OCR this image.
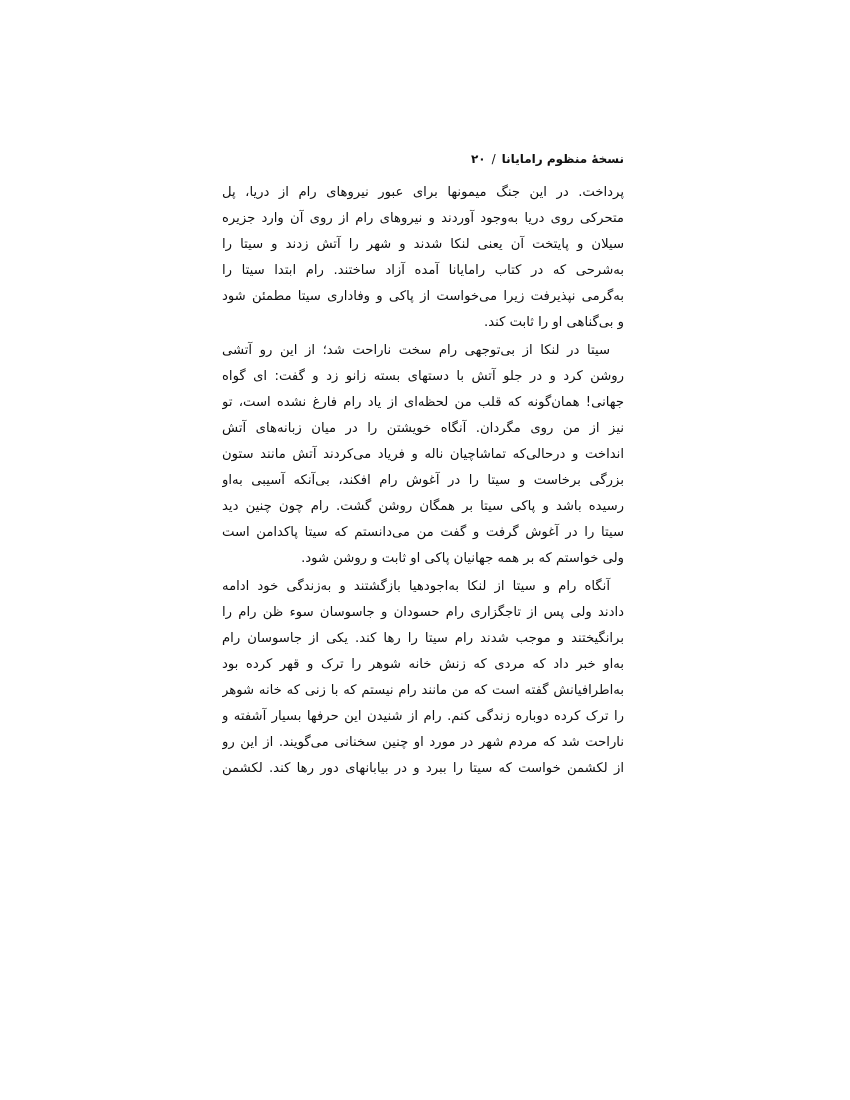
نسخهٔ منظوم رامایانا/۲۰

پرداخت. در این جنگ میمونها برای عبور نیروهای رام از دریا، پل
متحرکی روی دریا به‌وجود آوردند و نیروهای رام از روی آن وارد جزیره
سیلان و پایتخت آن یعنی لنکا شدند و شهر را آتش زدند و سیتا را
به‌شرحی که در کتاب رامایانا آمده آزاد ساختند. رام ابتدا سیتا را
به‌گرمی نپذیرفت زیرا می‌خواست از پاکی و وفاداری سیتا مطمئن شود
و بی‌گناهی او را ثابت کند.

سیتا در لنکا از بی‌توجهی رام سخت ناراحت شد؛ از این رو آتشی
روشن کرد و در جلو آتش با دستهای بسته زانو زد و گفت: ای گواه
جهانی! همان‌گونه که قلب من لحظه‌ای از یاد رام فارغ نشده است، تو
نیز از من روی مگردان. آنگاه خویشتن را در میان زبانه‌های آتش
انداخت و درحالی‌که تماشاچیان ناله و فریاد می‌کردند آتش مانند ستون
بزرگی برخاست و سیتا را در آغوش رام افکند، بی‌آنکه آسیبی به‌او
رسیده باشد و پاکی سیتا بر همگان روشن گشت. رام چون چنین دید
سیتا را در آغوش گرفت و گفت من می‌دانستم که سیتا پاکدامن است
ولی خواستم که بر همه جهانیان پاکی او ثابت و روشن شود.

آنگاه رام و سیتا از لنکا به‌اجودهیا بازگشتند و به‌زندگی خود ادامه
دادند ولی پس از تاجگزاری رام حسودان و جاسوسان سوء ظن رام را
برانگیختند و موجب شدند رام سیتا را رها کند. یکی از جاسوسان رام
به‌او خبر داد که مردی که زنش خانه شوهر را ترک و قهر کرده بود
به‌اطرافیانش گفته است که من مانند رام نیستم که با زنی که خانه شوهر
را ترک کرده دوباره زندگی کنم. رام از شنیدن این حرفها بسیار آشفته و
ناراحت شد که مردم شهر در مورد او چنین سخنانی می‌گویند. از این رو
از لکشمن خواست که سیتا را ببرد و در بیابانهای دور رها کند. لکشمن
